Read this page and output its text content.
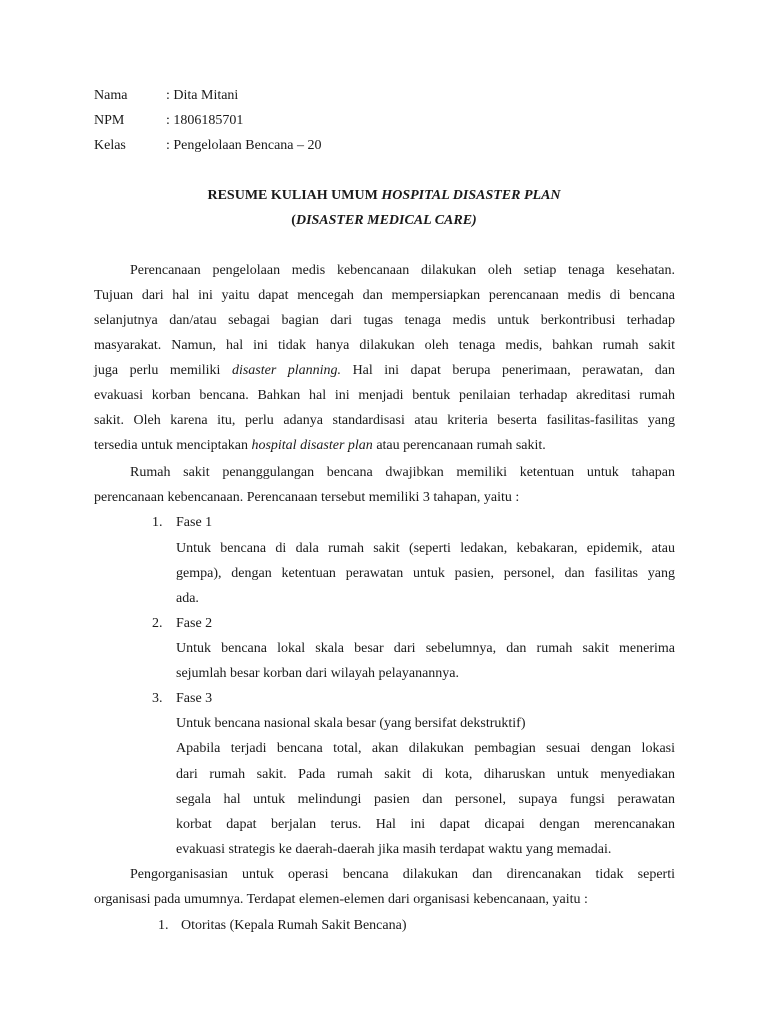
Nama	: Dita Mitani
NPM	: 1806185701
Kelas	: Pengelolaan Bencana – 20
RESUME KULIAH UMUM HOSPITAL DISASTER PLAN
(DISASTER MEDICAL CARE)
Perencanaan pengelolaan medis kebencanaan dilakukan oleh setiap tenaga kesehatan.
Tujuan dari hal ini yaitu dapat mencegah dan mempersiapkan perencanaan medis di bencana
selanjutnya dan/atau sebagai bagian dari tugas tenaga medis untuk berkontribusi terhadap
masyarakat. Namun, hal ini tidak hanya dilakukan oleh tenaga medis, bahkan rumah sakit
juga perlu memiliki disaster planning. Hal ini dapat berupa penerimaan, perawatan, dan
evakuasi korban bencana. Bahkan hal ini menjadi bentuk penilaian terhadap akreditasi rumah
sakit. Oleh karena itu, perlu adanya standardisasi atau kriteria beserta fasilitas-fasilitas yang
tersedia untuk menciptakan hospital disaster plan atau perencanaan rumah sakit.
Rumah sakit penanggulangan bencana dwajibkan memiliki ketentuan untuk tahapan
perencanaan kebencanaan. Perencanaan tersebut memiliki 3 tahapan, yaitu :
1. Fase 1
Untuk bencana di dala rumah sakit (seperti ledakan, kebakaran, epidemik, atau
gempa), dengan ketentuan perawatan untuk pasien, personel, dan fasilitas yang
ada.
2. Fase 2
Untuk bencana lokal skala besar dari sebelumnya, dan rumah sakit menerima
sejumlah besar korban dari wilayah pelayanannya.
3. Fase 3
Untuk bencana nasional skala besar (yang bersifat dekstruktif)
Apabila terjadi bencana total, akan dilakukan pembagian sesuai dengan lokasi
dari rumah sakit. Pada rumah sakit di kota, diharuskan untuk menyediakan
segala hal untuk melindungi pasien dan personel, supaya fungsi perawatan
korbat dapat berjalan terus. Hal ini dapat dicapai dengan merencanakan
evakuasi strategis ke daerah-daerah jika masih terdapat waktu yang memadai.
Pengorganisasian untuk operasi bencana dilakukan dan direncanakan tidak seperti
organisasi pada umumnya. Terdapat elemen-elemen dari organisasi kebencanaan, yaitu :
1. Otoritas (Kepala Rumah Sakit Bencana)
